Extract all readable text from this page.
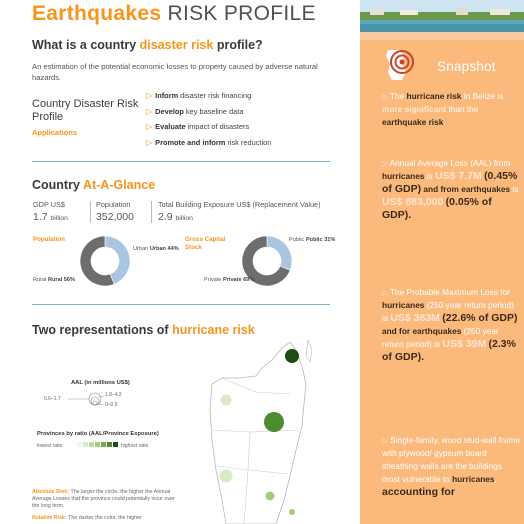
Earthquakes RISK PROFILE
What is a country disaster risk profile?
An estimation of the potential economic losses to property caused by adverse natural hazards.
Country Disaster Risk Profile
Applications
▷ Inform disaster risk financing
▷ Develop key baseline data
▷ Evaluate impact of disasters
▷ Promote and inform risk reduction
Country At-A-Glance
GDP US$
1.7 billion
Population
352,000
Total Building Exposure US$ (Replacement Value)
2.9 billion
Population
Urban Urban 44%
Rural Rural 56%
Gross Capital Stock
Public Public 31%
Private Private 69%
Two representations of hurricane risk
AAL (in millions US$)
0.6–1.7
1.8–4.2
0–0.5
Provinces by ratio (AAL/Province Exposure)
lowest ratio	highest ratio
Absolute Risk: The larger the circle, the higher the Annual Average Losses that the province could potentially incur over the long term.
Relative Risk: The darker the color, the higher
Snapshot
▷ The hurricane risk in Belize is more significant than the earthquake risk.
▷ Annual Average Loss (AAL) from hurricanes is US$ 7.7M (0.45% of GDP) and from earthquakes is US$ 883,000 (0.05% of GDP).
▷ The Probable Maximum Loss for hurricanes (250 year return period) is US$ 383M (22.6% of GDP) and for earthquakes (250 year return period) is US$ 39M (2.3% of GDP).
▷ Single-family, wood stud-wall frame with plywood/ gypsum board sheathing walls are the buildings most vulnerable to hurricanes, accounting for
